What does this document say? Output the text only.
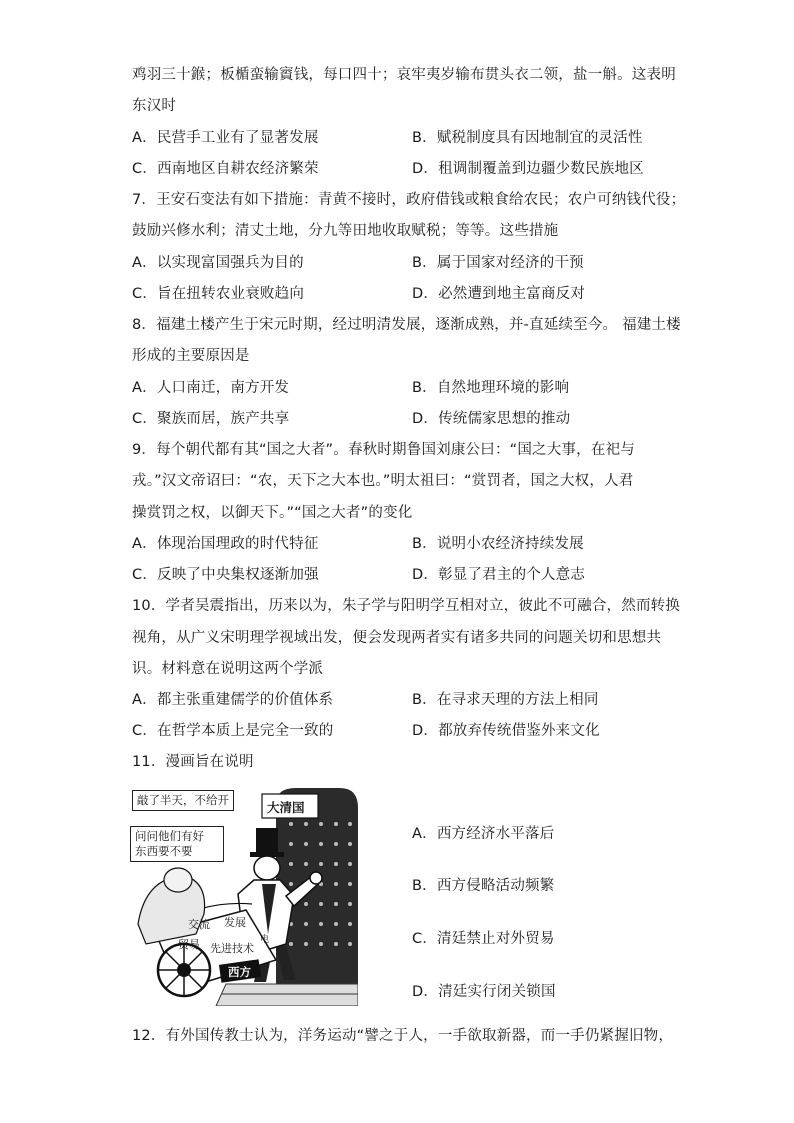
鸡羽三十鍭；板楯蛮输賨钱，每口四十；哀牢夷岁输布贯头衣二领，盐一斛。这表明
东汉时
A．民营手工业有了显著发展	B．赋税制度具有因地制宜的灵活性
C．西南地区自耕农经济繁荣	D．租调制覆盖到边疆少数民族地区
7．王安石变法有如下措施：青黄不接时，政府借钱或粮食给农民；农户可纳钱代役；
鼓励兴修水利；清丈土地，分九等田地收取赋税；等等。这些措施
A．以实现富国强兵为目的	B．属于国家对经济的干预
C．旨在扭转农业衰败趋向	D．必然遭到地主富商反对
8．福建土楼产生于宋元时期，经过明清发展，逐渐成熟，并-直延续至今。 福建土楼
形成的主要原因是
A．人口南迁，南方开发	B．自然地理环境的影响
C．聚族而居，族产共享	D．传统儒家思想的推动
9．每个朝代都有其“国之大者”。春秋时期鲁国刘康公曰：“国之大事，在祀与
戎。”汉文帝诏曰：“农，天下之大本也。”明太祖曰：“赏罚者，国之大权，人君
操赏罚之权，以御天下。”“国之大者”的变化
A．体现治国理政的时代特征	B．说明小农经济持续发展
C．反映了中央集权逐渐加强	D．彰显了君主的个人意志
10．学者吴震指出，历来以为，朱子学与阳明学互相对立，彼此不可融合，然而转换
视角，从广义宋明理学视域出发，便会发现两者实有诸多共同的问题关切和思想共
识。材料意在说明这两个学派
A．都主张重建儒学的价值体系	B．在寻求天理的方法上相同
C．在哲学本质上是完全一致的	D．都放弃传统借鉴外来文化
11．漫画旨在说明
敲了半天，不给开
问问他们有好
东西要不要
大清国
交流 发展
贸易 先进技术
电
西方
A．西方经济水平落后
B．西方侵略活动频繁
C．清廷禁止对外贸易
D．清廷实行闭关锁国
12．有外国传教士认为，洋务运动“譬之于人，一手欲取新器，而一手仍紧握旧物，
